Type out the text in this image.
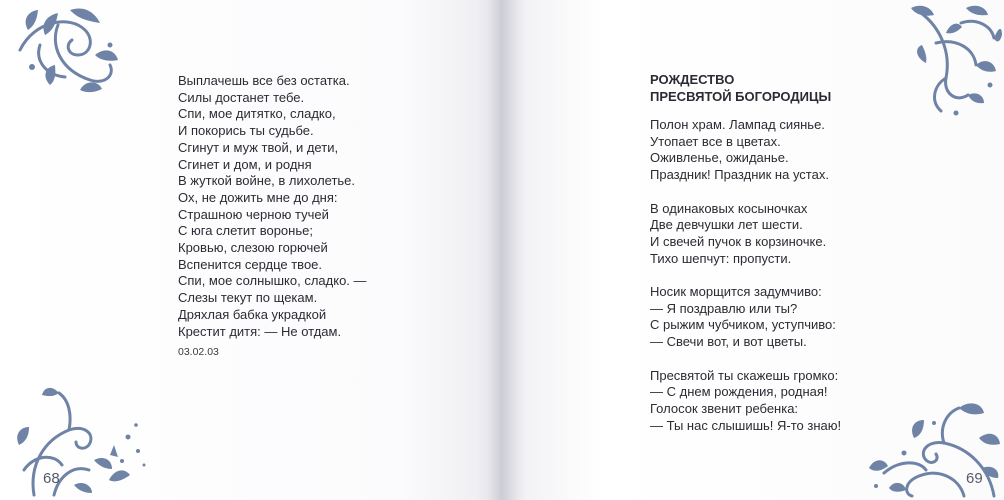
Выплачешь все без остатка.
Силы достанет тебе.
Спи, мое дитятко, сладко,
И покорись ты судьбе.
Сгинут и муж твой, и дети,
Сгинет и дом, и родня
В жуткой войне, в лихолетье.
Ох, не дожить мне до дня:
Страшною черною тучей
С юга слетит воронье;
Кровью, слезою горючей
Вспенится сердце твое.
Спи, мое солнышко, сладко. —
Слезы текут по щекам.
Дряхлая бабка украдкой
Крестит дитя: — Не отдам.
03.02.03
68
РОЖДЕСТВО
ПРЕСВЯТОЙ БОГОРОДИЦЫ
Полон храм. Лампад сиянье.
Утопает все в цветах.
Оживленье, ожиданье.
Праздник! Праздник на устах.
В одинаковых косыночках
Две девчушки лет шести.
И свечей пучок в корзиночке.
Тихо шепчут: пропусти.
Носик морщится задумчиво:
— Я поздравлю или ты?
С рыжим чубчиком, уступчиво:
— Свечи вот, и вот цветы.
Пресвятой ты скажешь громко:
— С днем рождения, родная!
Голосок звенит ребенка:
— Ты нас слышишь! Я-то знаю!
69
